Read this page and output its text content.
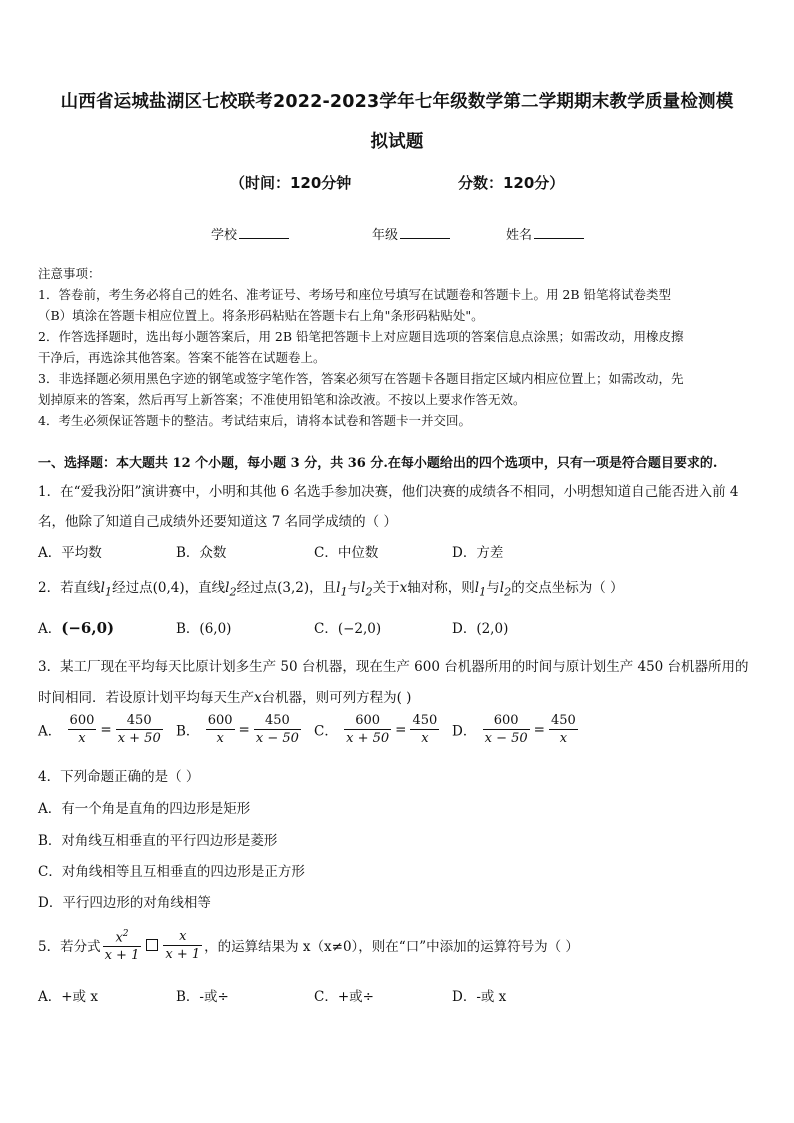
山西省运城盐湖区七校联考2022-2023学年七年级数学第二学期期末教学质量检测模
拟试题
（时间：120分钟	分数：120分）
学校	年级	姓名
注意事项：
1．答卷前，考生务必将自己的姓名、准考证号、考场号和座位号填写在试题卷和答题卡上。用 2B 铅笔将试卷类型
（B）填涂在答题卡相应位置上。将条形码粘贴在答题卡右上角"条形码粘贴处"。
2．作答选择题时，选出每小题答案后，用 2B 铅笔把答题卡上对应题目选项的答案信息点涂黑；如需改动，用橡皮擦
干净后，再选涂其他答案。答案不能答在试题卷上。
3．非选择题必须用黑色字迹的钢笔或签字笔作答，答案必须写在答题卡各题目指定区域内相应位置上；如需改动，先
划掉原来的答案，然后再写上新答案；不准使用铅笔和涂改液。不按以上要求作答无效。
4．考生必须保证答题卡的整洁。考试结束后，请将本试卷和答题卡一并交回。
一、选择题：本大题共 12 个小题，每小题 3 分，共 36 分.在每小题给出的四个选项中，只有一项是符合题目要求的.
1．在“爱我汾阳”演讲赛中，小明和其他 6 名选手参加决赛，他们决赛的成绩各不相同，小明想知道自己能否进入前 4
名，他除了知道自己成绩外还要知道这 7 名同学成绩的（ ）
A．平均数	B．众数	C．中位数	D．方差
2．若直线$l_1$经过点(0,4)，直线$l_2$经过点(3,2)，且$l_1$与$l_2$关于x轴对称，则$l_1$与$l_2$的交点坐标为（ ）
A．(−6,0)	B．(6,0)	C．(−2,0)	D．(2,0)
3．某工厂现在平均每天比原计划多生产 50 台机器，现在生产 600 台机器所用的时间与原计划生产 450 台机器所用的
时间相同．若设原计划平均每天生产x台机器，则可列方程为( )
A． $\frac{600}{x} = \frac{450}{x + 50}$ B． $\frac{600}{x} = \frac{450}{x - 50}$ C． $\frac{600}{x + 50} = \frac{450}{x}$ D． $\frac{600}{x - 50} = \frac{450}{x}$
4．下列命题正确的是（ ）
A．有一个角是直角的四边形是矩形
B．对角线互相垂直的平行四边形是菱形
C．对角线相等且互相垂直的四边形是正方形
D．平行四边形的对角线相等
5．若分式 $\frac{x^2}{x + 1} \frac{x}{x + 1}$ ，的运算结果为 x（x≠0），则在“口”中添加的运算符号为（ ）
A．+或 x	B．-或÷	C．+或÷	D．-或 x
